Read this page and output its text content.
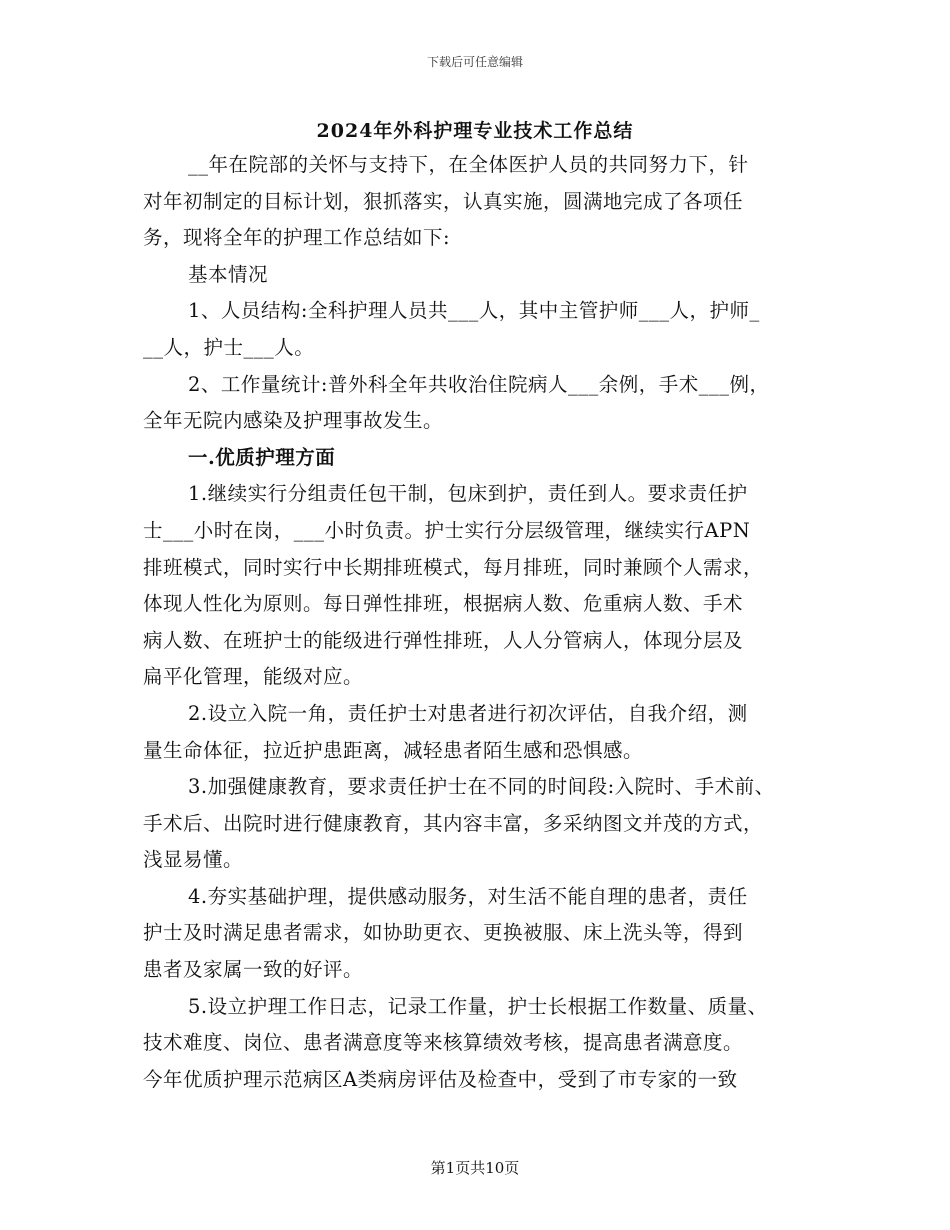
下载后可任意编辑
2024年外科护理专业技术工作总结
__年在院部的关怀与支持下，在全体医护人员的共同努力下，针
对年初制定的目标计划，狠抓落实，认真实施，圆满地完成了各项任
务，现将全年的护理工作总结如下:
基本情况
1、人员结构:全科护理人员共___人，其中主管护师___人，护师_
__人，护士___人。
2、工作量统计:普外科全年共收治住院病人___余例，手术___例，
全年无院内感染及护理事故发生。
一.优质护理方面
1.继续实行分组责任包干制，包床到护，责任到人。要求责任护
士___小时在岗，___小时负责。护士实行分层级管理，继续实行APN
排班模式，同时实行中长期排班模式，每月排班，同时兼顾个人需求，
体现人性化为原则。每日弹性排班，根据病人数、危重病人数、手术
病人数、在班护士的能级进行弹性排班，人人分管病人，体现分层及
扁平化管理，能级对应。
2.设立入院一角，责任护士对患者进行初次评估，自我介绍，测
量生命体征，拉近护患距离，减轻患者陌生感和恐惧感。
3.加强健康教育，要求责任护士在不同的时间段:入院时、手术前、
手术后、出院时进行健康教育，其内容丰富，多采纳图文并茂的方式，
浅显易懂。
4.夯实基础护理，提供感动服务，对生活不能自理的患者，责任
护士及时满足患者需求，如协助更衣、更换被服、床上洗头等，得到
患者及家属一致的好评。
5.设立护理工作日志，记录工作量，护士长根据工作数量、质量、
技术难度、岗位、患者满意度等来核算绩效考核，提高患者满意度。
今年优质护理示范病区A类病房评估及检查中，受到了市专家的一致
第1页共10页
